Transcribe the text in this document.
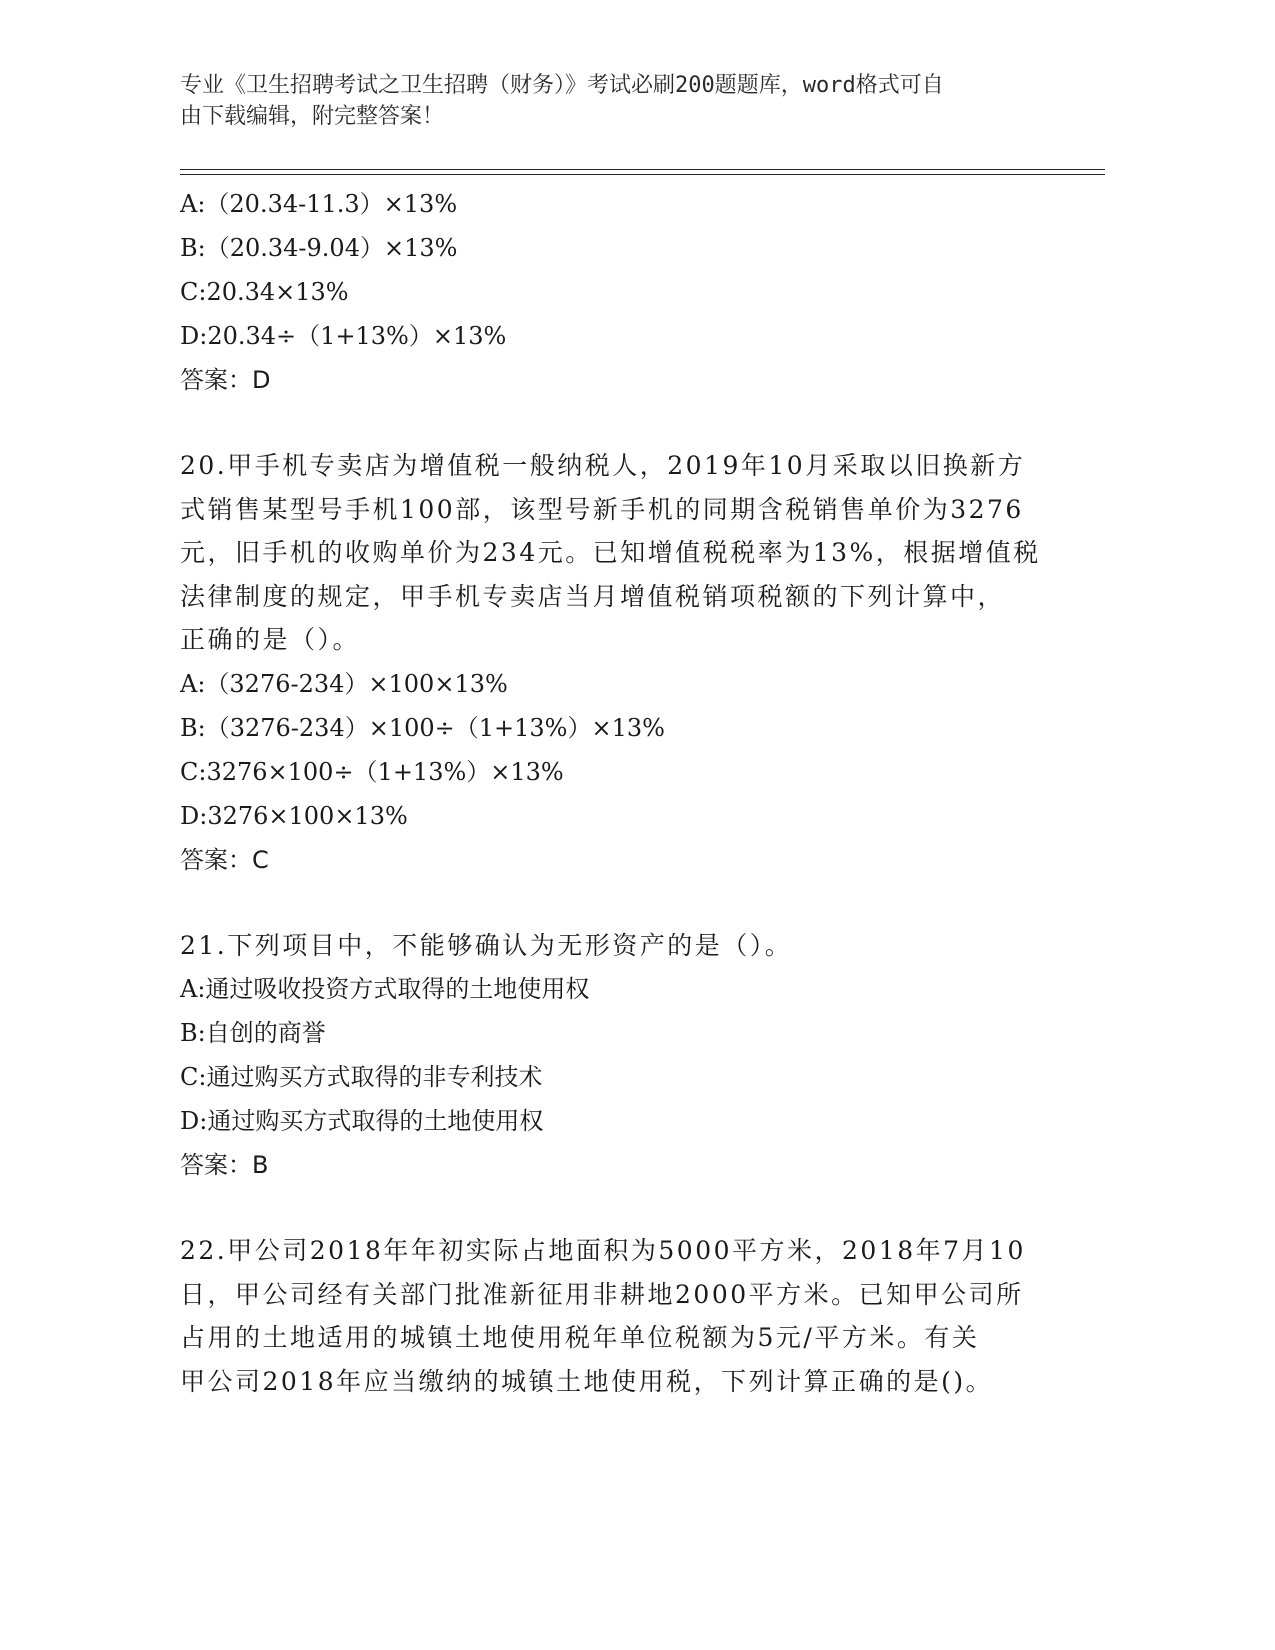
专业《卫生招聘考试之卫生招聘（财务）》考试必刷200题题库，word格式可自
由下载编辑，附完整答案！
A:（20.34-11.3）×13%
B:（20.34-9.04）×13%
C:20.34×13%
D:20.34÷（1+13%）×13%
答案：D
20.甲手机专卖店为增值税一般纳税人，2019年10月采取以旧换新方
式销售某型号手机100部，该型号新手机的同期含税销售单价为3276
元，旧手机的收购单价为234元。已知增值税税率为13%，根据增值税
法律制度的规定，甲手机专卖店当月增值税销项税额的下列计算中，
正确的是（）。
A:（3276-234）×100×13%
B:（3276-234）×100÷（1+13%）×13%
C:3276×100÷（1+13%）×13%
D:3276×100×13%
答案：C
21.下列项目中，不能够确认为无形资产的是（）。
A:通过吸收投资方式取得的土地使用权
B:自创的商誉
C:通过购买方式取得的非专利技术
D:通过购买方式取得的土地使用权
答案：B
22.甲公司2018年年初实际占地面积为5000平方米，2018年7月10
日，甲公司经有关部门批准新征用非耕地2000平方米。已知甲公司所
占用的土地适用的城镇土地使用税年单位税额为5元/平方米。有关
甲公司2018年应当缴纳的城镇土地使用税，下列计算正确的是()。
